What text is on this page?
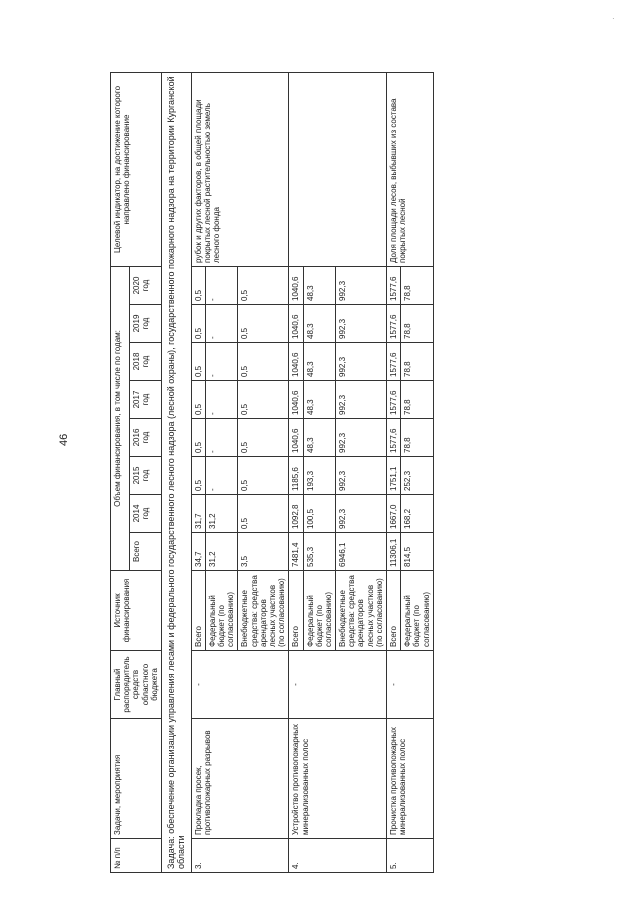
46
·
№ п/п	Задачи, мероприятия	Главный распорядитель средств областного бюджета	Источник финансирования	Объем финансирования, в том числе по годам:								Целевой индикатор, на достижение которого направлено финансирование
				Всего	2014 год	2015 год	2016 год	2017 год	2018 год	2019 год	2020 год	
Задача: обеспечение организации управления лесами и федерального государственного лесного надзора (лесной охраны), государственного пожарного надзора на территории Курганской области												
3.	Прокладка просек, противопожарных разрывов	-	Всего	34,7	31,7	0,5	0,5	0,5	0,5	0,5	0,5	рубок и других факторов, в общей площади покрытых лесной растительностью земель лесного фонда
			Федеральный бюджет (по согласованию)	31,2	31,2	-	-	-	-	-	-	
			Внебюджетные средства: средства арендаторов лесных участков (по согласованию)	3,5	0,5	0,5	0,5	0,5	0,5	0,5	0,5	
4.	Устройство противопожарных минерализованных полос	-	Всего	7481,4	1092,8	1185,6	1040,6	1040,6	1040,6	1040,6	1040,6	
			Федеральный бюджет (по согласованию)	535,3	100,5	193,3	48,3	48,3	48,3	48,3	48,3	
			Внебюджетные средства: средства арендаторов лесных участков (по согласованию)	6946,1	992,3	992,3	992,3	992,3	992,3	992,3	992,3	
5.	Прочистка противопожарных минерализованных полос	-	Всего	11306,1	1667,0	1751,1	1577,6	1577,6	1577,6	1577,6	1577,6	Доля площади лесов, выбывших из состава покрытых лесной
			Федеральный бюджет (по согласованию)	814,5	168,2	252,3	78,8	78,8	78,8	78,8	78,8	
